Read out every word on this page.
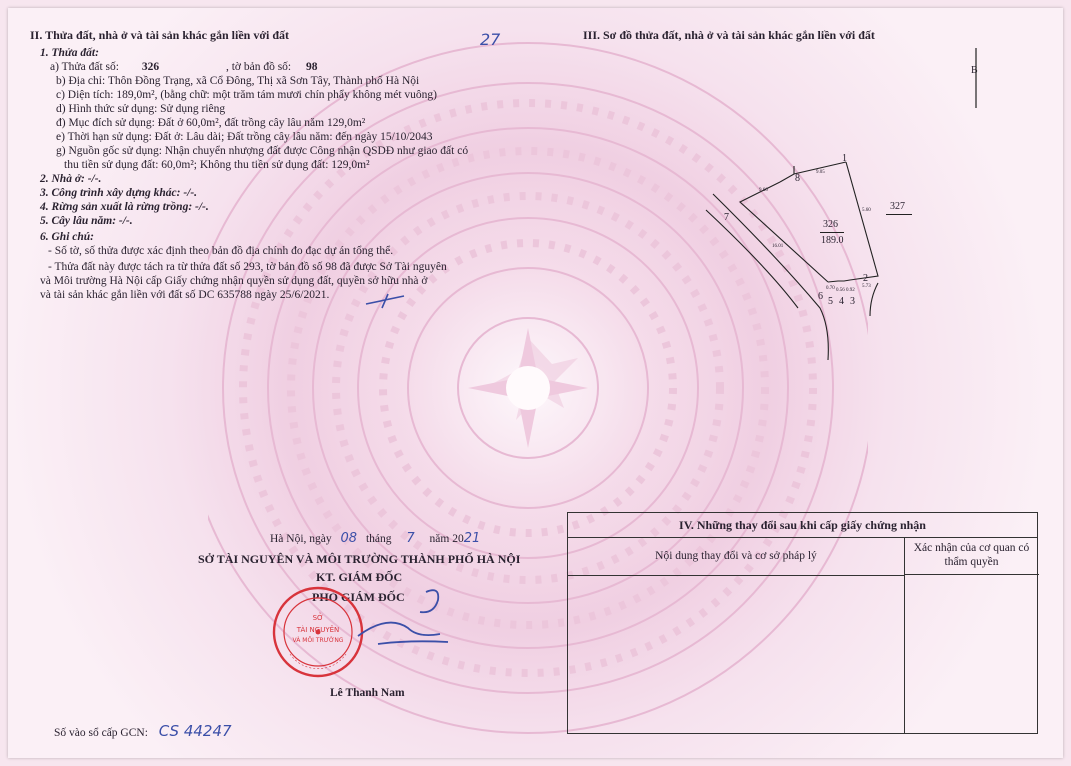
27
II. Thửa đất, nhà ở và tài sản khác gắn liền với đất
1. Thửa đất:
a) Thửa đất số: 326	, tờ bản đồ số: 98
b) Địa chỉ: Thôn Đồng Trạng, xã Cổ Đông, Thị xã Sơn Tây, Thành phố Hà Nội
c) Diện tích: 189,0m², (bằng chữ: một trăm tám mươi chín phẩy không mét vuông)
d) Hình thức sử dụng: Sử dụng riêng
đ) Mục đích sử dụng: Đất ở 60,0m², đất trồng cây lâu năm 129,0m²
e) Thời hạn sử dụng: Đất ở: Lâu dài; Đất trồng cây lâu năm: đến ngày 15/10/2043
g) Nguồn gốc sử dụng: Nhận chuyển nhượng đất được Công nhận QSDĐ như giao đất có
thu tiền sử dụng đất: 60,0m²; Không thu tiền sử dụng đất: 129,0m²
2. Nhà ở: -/-.
3. Công trình xây dựng khác: -/-.
4. Rừng sản xuất là rừng trồng: -/-.
5. Cây lâu năm: -/-.
6. Ghi chú:
- Số tờ, số thửa được xác định theo bản đồ địa chính đo đạc dự án tổng thể.
- Thửa đất này được tách ra từ thửa đất số 293, tờ bản đồ số 98 đã được Sở Tài nguyên
và Môi trường Hà Nội cấp Giấy chứng nhận quyền sử dụng đất, quyền sở hữu nhà ở
và tài sản khác gắn liền với đất số DC 635788 ngày 25/6/2021.
III. Sơ đồ thửa đất, nhà ở và tài sản khác gắn liền với đất
B
1
2
3
4
5
6
7
8
9.66
9.05
5.60
16.01
5.73
0.92
0.56
0.70
326
189.0
327
Hà Nội, ngày 08 tháng 7 năm 2021
SỞ TÀI NGUYÊN VÀ MÔI TRƯỜNG THÀNH PHỐ HÀ NỘI
KT. GIÁM ĐỐC
PHÓ GIÁM ĐỐC
Lê Thanh Nam
SỞ
TÀI NGUYÊN
VÀ MÔI TRƯỜNG
Số vào sổ cấp GCN: CS 44247
IV. Những thay đổi sau khi cấp giấy chứng nhận
Nội dung thay đổi và cơ sở pháp lý
Xác nhận của cơ quan có thẩm quyền
